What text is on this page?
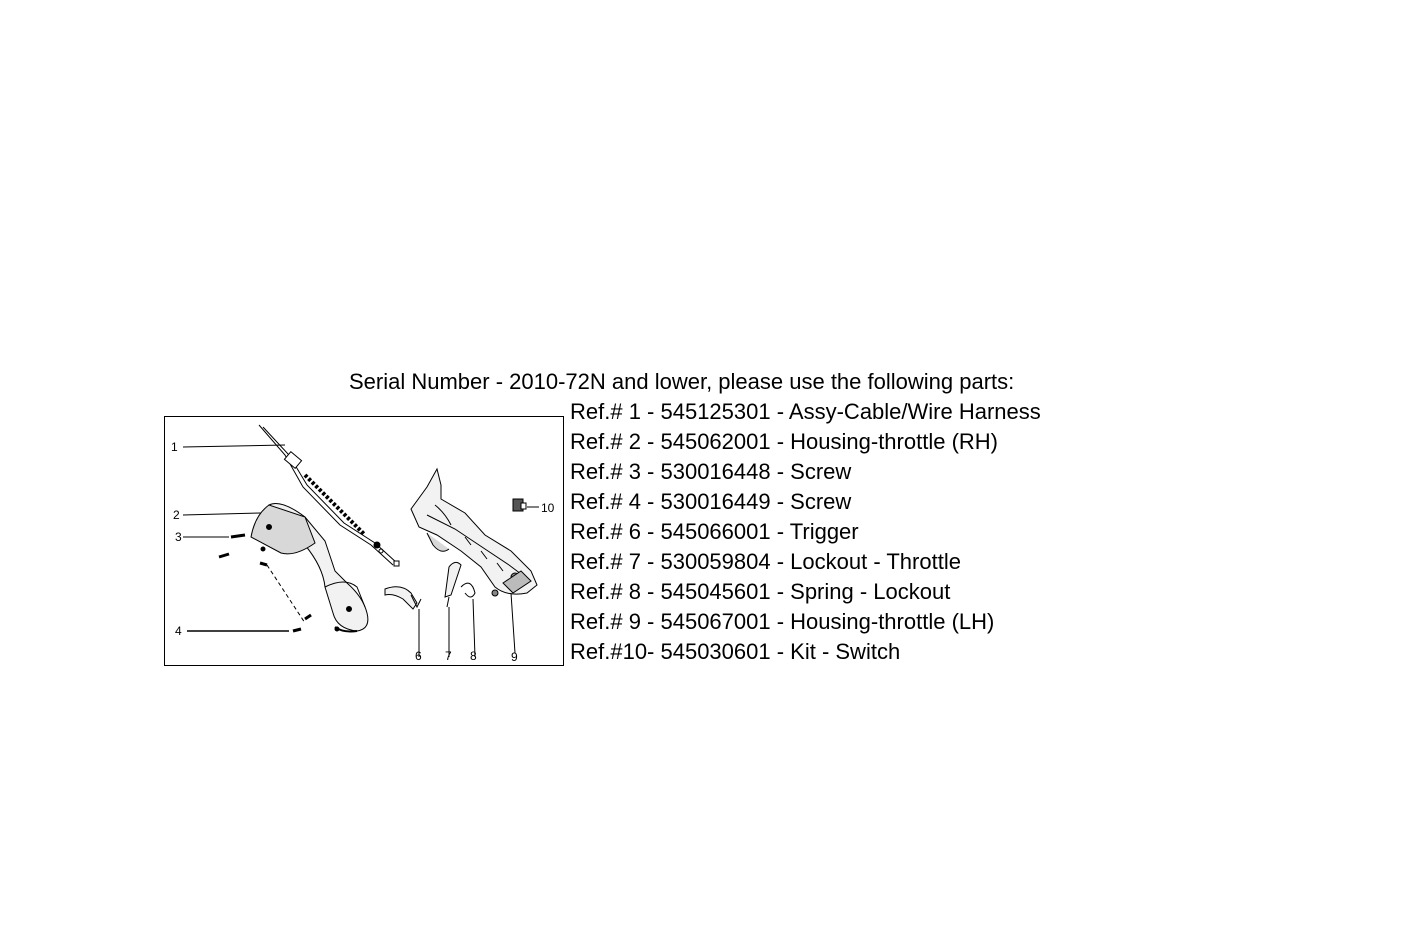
Serial Number - 2010-72N and lower, please use the following parts:
Ref.# 1 - 545125301 - Assy-Cable/Wire Harness
Ref.# 2 - 545062001 - Housing-throttle (RH)
Ref.# 3 - 530016448 - Screw
Ref.# 4 - 530016449 - Screw
Ref.# 6 - 545066001 - Trigger
Ref.# 7 - 530059804 - Lockout - Throttle
Ref.# 8 - 545045601 - Spring - Lockout
Ref.# 9 - 545067001 - Housing-throttle (LH)
Ref.#10- 545030601 - Kit - Switch
1
2
3
4
6 7 8	9
10
